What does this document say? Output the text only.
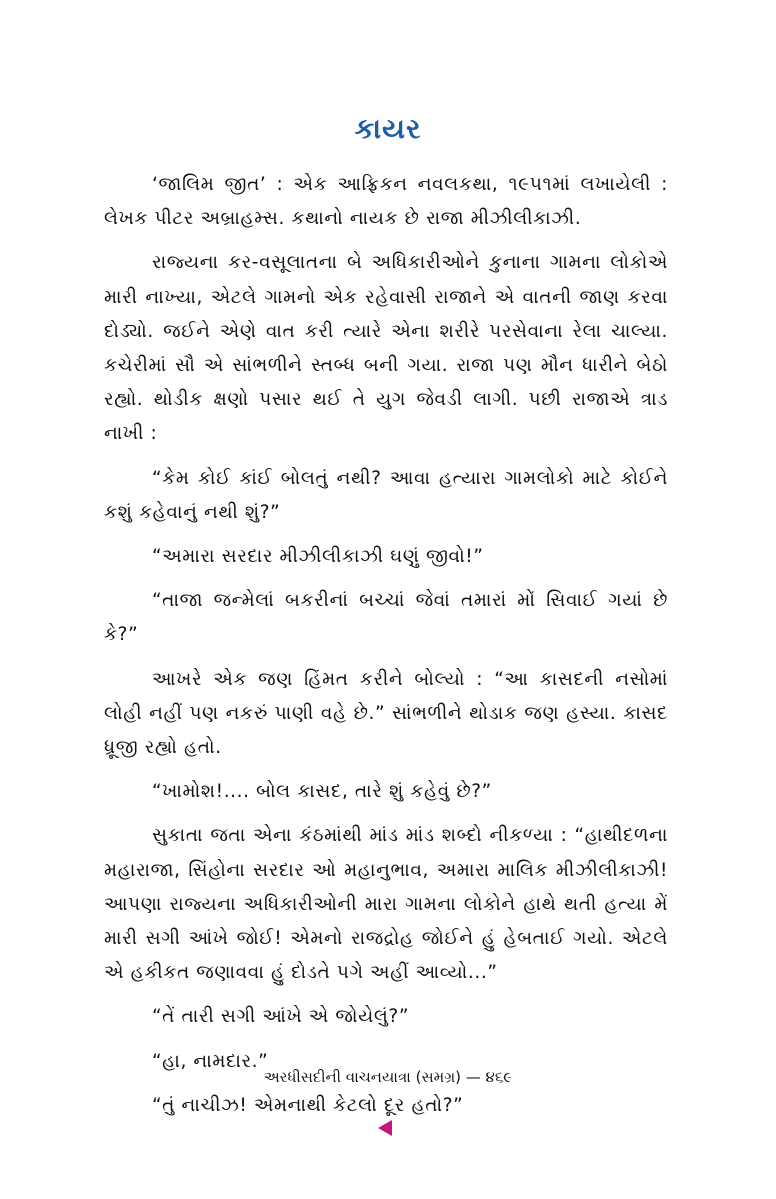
કાયર

‘જાલિમ જીત’ : એક આફ્રિકન નવલકથા, ૧૯૫૧માં લખાયેલી : લેખક પીટર અબ્રાહમ્સ. કથાનો નાયક છે રાજા મીઝીલીકાઝી.

રાજ્યના કર-વસૂલાતના બે અધિકારીઓને કુનાના ગામના લોકોએ મારી નાખ્યા, એટલે ગામનો એક રહેવાસી રાજાને એ વાતની જાણ કરવા દોડ્યો. જઈને એણે વાત કરી ત્યારે એના શરીરે પરસેવાના રેલા ચાલ્યા. કચેરીમાં સૌ એ સાંભળીને સ્તબ્ધ બની ગયા. રાજા પણ મૌન ધારીને બેઠો રહ્યો. થોડીક ક્ષણો પસાર થઈ તે યુગ જેવડી લાગી. પછી રાજાએ ત્રાડ નાખી :

“કેમ કોઈ કાંઈ બોલતું નથી? આવા હત્યારા ગામલોકો માટે કોઈને કશું કહેવાનું નથી શું?”

“અમારા સરદાર મીઝીલીકાઝી ઘણું જીવો!”

“તાજા જન્મેલાં બકરીનાં બચ્ચાં જેવાં તમારાં મોં સિવાઈ ગયાં છે કે?”

આખરે એક જણ હિંમત કરીને બોલ્યો : “આ કાસદની નસોમાં લોહી નહીં પણ નકરું પાણી વહે છે.” સાંભળીને થોડાક જણ હસ્યા. કાસદ ધ્રૂજી રહ્યો હતો.

“ખામોશ!.... બોલ કાસદ, તારે શું કહેવું છે?”

સુકાતા જતા એના કંઠમાંથી માંડ માંડ શબ્દો નીકળ્યા : “હાથીદળના મહારાજા, સિંહોના સરદાર ઓ મહાનુભાવ, અમારા માલિક મીઝીલીકાઝી! આપણા રાજ્યના અધિકારીઓની મારા ગામના લોકોને હાથે થતી હત્યા મેં મારી સગી આંખે જોઈ! એમનો રાજદ્રોહ જોઈને હું હેબતાઈ ગયો. એટલે એ હકીકત જણાવવા હું દોડતે પગે અહીં આવ્યો...”

“તેં તારી સગી આંખે એ જોયેલું?”

“હા, નામદાર.”

“તું નાચીઝ! એમનાથી કેટલો દૂર હતો?”

અરધીસદીની વાચનયાત્રા (સમગ્ર) — ૪૬૯
